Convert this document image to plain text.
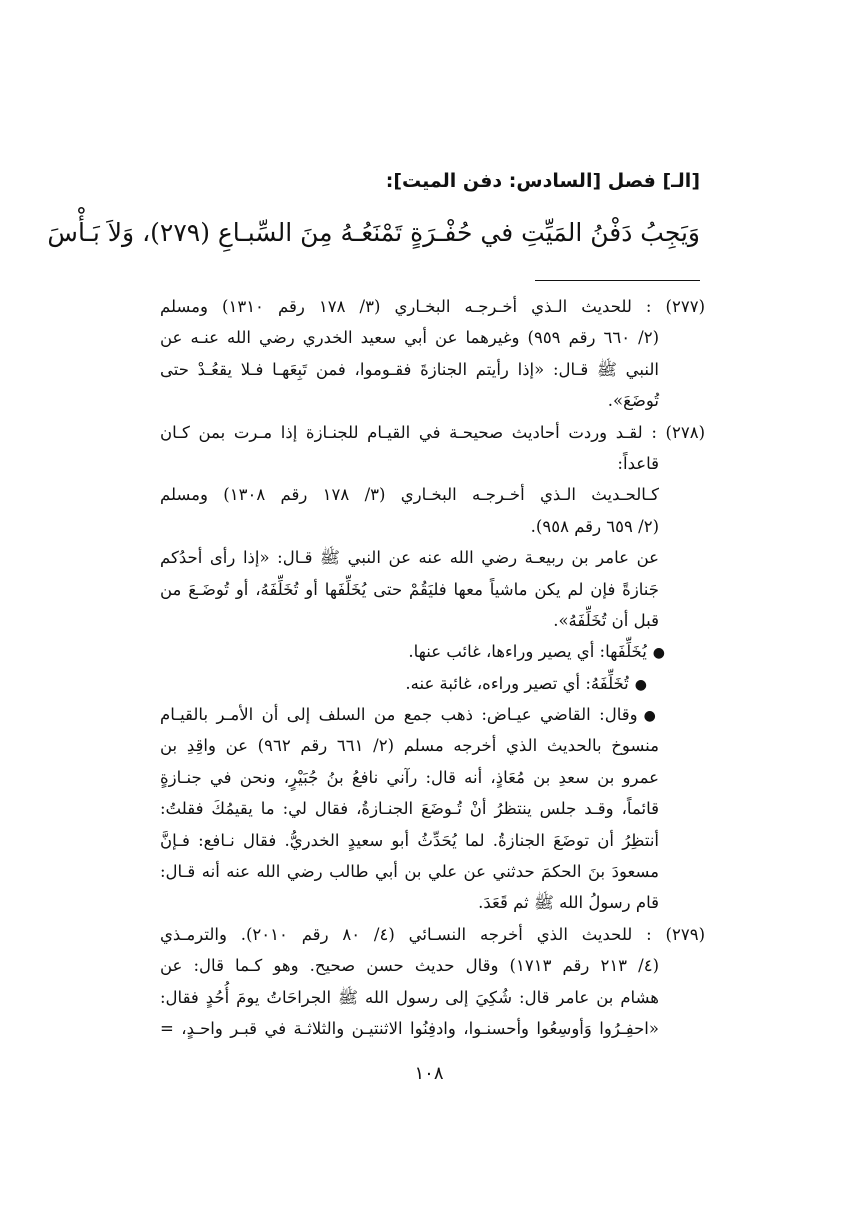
[الـ] فصل [السادس: دفن الميت]:
وَيَجِبُ دَفْنُ المَيِّتِ في حُفْـرَةٍ تَمْنَعُـهُ مِنَ السِّبـاعِ (٢٧٩)، وَلاَ بَـأْسَ
(٢٧٧) : للحديث الـذي أخـرجـه البخـاري (٣/ ١٧٨ رقم ١٣١٠) ومسلم
(٢/ ٦٦٠ رقم ٩٥٩) وغيرهما عن أبي سعيد الخدري رضي الله عنـه عن
النبي ﷺ قـال: «إذا رأيتم الجنازةَ فقـوموا، فمن تَبِعَهـا فـلا يقعُـدْ حتى
تُوضَعَ».
(٢٧٨) : لقـد وردت أحاديث صحيحـة في القيـام للجنـازة إذا مـرت بمن كـان
قاعداً:
كـالحـديث الـذي أخـرجـه البخـاري (٣/ ١٧٨ رقم ١٣٠٨) ومسلم
(٢/ ٦٥٩ رقم ٩٥٨).
عن عامر بن ربيعـة رضي الله عنه عن النبي ﷺ قـال: «إذا رأى أحدُكم
جَنازةً فإن لم يكن ماشياً معها فليَقُمْ حتى يُخَلِّفَها أو تُخَلِّفَهُ، أو تُوضَـعَ من
قبل أن تُخَلِّفَهُ».
●يُخَلِّفَها: أي يصير وراءها، غائب عنها.
●تُخَلِّفَهُ: أي تصير وراءه، غائبة عنه.
●وقال: القاضي عيـاض: ذهب جمع من السلف إلى أن الأمـر بالقيـام
منسوخ بالحديث الذي أخرجه مسلم (٢/ ٦٦١ رقم ٩٦٢) عن واقِدِ بن
عمرو بن سعدِ بن مُعَاذٍ، أنه قال: رآني نافعُ بنُ جُبَيْرٍ، ونحن في جنـازةٍ
قائماً، وقـد جلس ينتظرُ أنْ تُـوضَعَ الجنـازةُ، فقال لي: ما يقيمُكَ فقلتُ:
أنتظِرُ أن توضَعَ الجنازةُ. لما يُحَدِّثُ أبو سعيدٍ الخدريُّ. فقال نـافع: فـإنَّ
مسعودَ بنَ الحكمَ حدثني عن علي بن أبي طالب رضي الله عنه أنه قـال:
قام رسولُ الله ﷺ ثم قَعَدَ.
(٢٧٩) : للحديث الذي أخرجه النسـائي (٤/ ٨٠ رقم ٢٠١٠). والترمـذي
(٤/ ٢١٣ رقم ١٧١٣) وقال حديث حسن صحيح. وهو كـما قال: عن
هشام بن عامر قال: شُكِيَ إلى رسول الله ﷺ الجراحَاتُ يومَ أُحُدٍ فقال:
«احفِـرُوا وَأوسِعُوا وأحسنـوا، وادفِنُوا الاثنتيـن والثلاثـة في قبـر واحـدٍ، =
١٠٨
